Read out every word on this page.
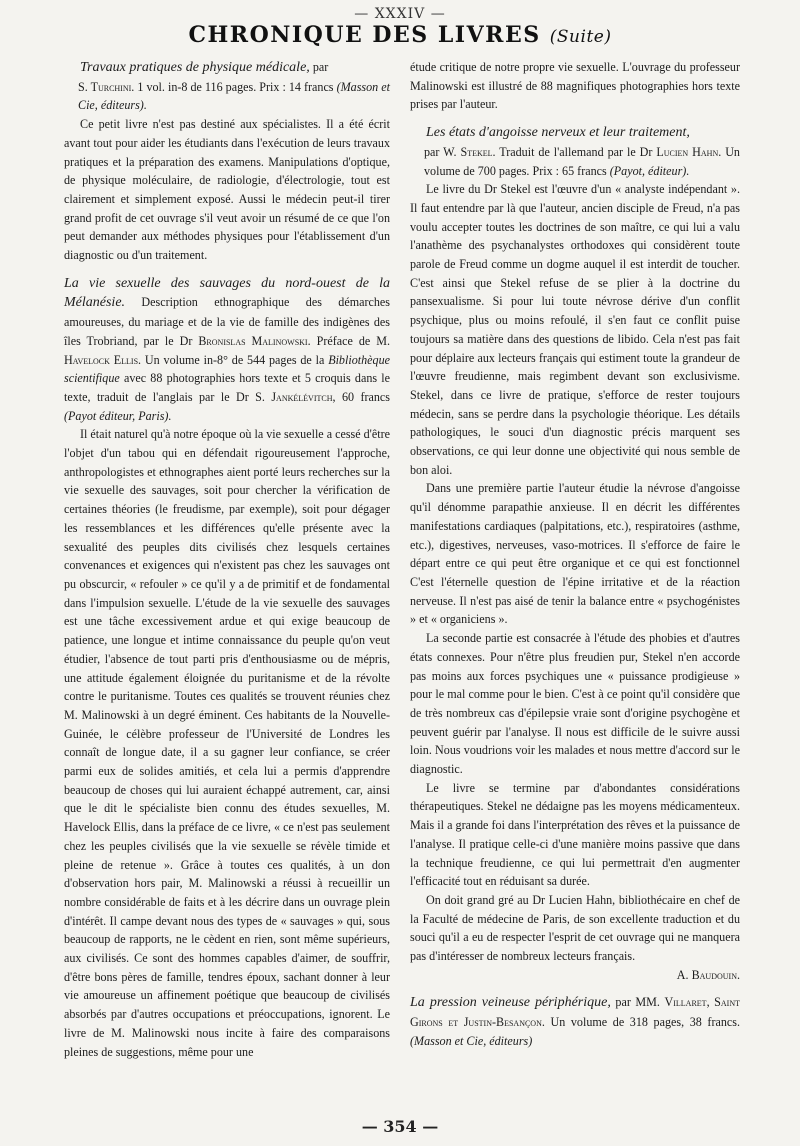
— XXXIV —
CHRONIQUE DES LIVRES (Suite)

Travaux pratiques de physique médicale, par

S. Turchini. 1 vol. in-8 de 116 pages. Prix : 14 francs (Masson et Cie, éditeurs).

Ce petit livre n'est pas destiné aux spécialistes. Il a été écrit avant tout pour aider les étudiants dans l'exécution de leurs travaux pratiques et la préparation des examens. Manipulations d'optique, de physique moléculaire, de radiologie, d'électrologie, tout est clairement et simplement exposé. Aussi le médecin peut-il tirer grand profit de cet ouvrage s'il veut avoir un résumé de ce que l'on peut demander aux méthodes physiques pour l'établissement d'un diagnostic ou d'un traitement.

La vie sexuelle des sauvages du nord-ouest de la Mélanésie. Description ethnographique des démarches amoureuses, du mariage et de la vie de famille des indigènes des îles Trobriand, par le Dr Bronislas Malinowski. Préface de M. Havelock Ellis. Un volume in-8° de 544 pages de la Bibliothèque scientifique avec 88 photographies hors texte et 5 croquis dans le texte, traduit de l'anglais par le Dr S. Jankélévitch, 60 francs (Payot éditeur, Paris).

Il était naturel qu'à notre époque où la vie sexuelle a cessé d'être l'objet d'un tabou qui en défendait rigoureusement l'approche, anthropologistes et ethnographes aient porté leurs recherches sur la vie sexuelle des sauvages, soit pour chercher la vérification de certaines théories (le freudisme, par exemple), soit pour dégager les ressemblances et les différences qu'elle présente avec la sexualité des peuples dits civilisés chez lesquels certaines convenances et exigences qui n'existent pas chez les sauvages ont pu obscurcir, « refouler » ce qu'il y a de primitif et de fondamental dans l'impulsion sexuelle. L'étude de la vie sexuelle des sauvages est une tâche excessivement ardue et qui exige beaucoup de patience, une longue et intime connaissance du peuple qu'on veut étudier, l'absence de tout parti pris d'enthousiasme ou de mépris, une attitude également éloignée du puritanisme et de la révolte contre le puritanisme. Toutes ces qualités se trouvent réunies chez M. Malinowski à un degré éminent. Ces habitants de la Nouvelle-Guinée, le célèbre professeur de l'Université de Londres les connaît de longue date, il a su gagner leur confiance, se créer parmi eux de solides amitiés, et cela lui a permis d'apprendre beaucoup de choses qui lui auraient échappé autrement, car, ainsi que le dit le spécialiste bien connu des études sexuelles, M. Havelock Ellis, dans la préface de ce livre, « ce n'est pas seulement chez les peuples civilisés que la vie sexuelle se révèle timide et pleine de retenue ». Grâce à toutes ces qualités, à un don d'observation hors pair, M. Malinowski a réussi à recueillir un nombre considérable de faits et à les décrire dans un ouvrage plein d'intérêt. Il campe devant nous des types de « sauvages » qui, sous beaucoup de rapports, ne le cèdent en rien, sont même supérieurs, aux civilisés. Ce sont des hommes capables d'aimer, de souffrir, d'être bons pères de famille, tendres époux, sachant donner à leur vie amoureuse un affinement poétique que beaucoup de civilisés absorbés par d'autres occupations et préoccupations, ignorent. Le livre de M. Malinowski nous incite à faire des comparaisons pleines de suggestions, même pour une

étude critique de notre propre vie sexuelle. L'ouvrage du professeur Malinowski est illustré de 88 magnifiques photographies hors texte prises par l'auteur.

Les états d'angoisse nerveux et leur traitement,

par W. Stekel. Traduit de l'allemand par le Dr Lucien Hahn. Un volume de 700 pages. Prix : 65 francs (Payot, éditeur).

Le livre du Dr Stekel est l'œuvre d'un « analyste indépendant ». Il faut entendre par là que l'auteur, ancien disciple de Freud, n'a pas voulu accepter toutes les doctrines de son maître, ce qui lui a valu l'anathème des psychanalystes orthodoxes qui considèrent toute parole de Freud comme un dogme auquel il est interdit de toucher. C'est ainsi que Stekel refuse de se plier à la doctrine du pansexualisme. Si pour lui toute névrose dérive d'un conflit psychique, plus ou moins refoulé, il s'en faut ce conflit puise toujours sa matière dans des questions de libido. Cela n'est pas fait pour déplaire aux lecteurs français qui estiment toute la grandeur de l'œuvre freudienne, mais regimbent devant son exclusivisme. Stekel, dans ce livre de pratique, s'efforce de rester toujours médecin, sans se perdre dans la psychologie théorique. Les détails pathologiques, le souci d'un diagnostic précis marquent ses observations, ce qui leur donne une objectivité qui nous semble de bon aloi.

Dans une première partie l'auteur étudie la névrose d'angoisse qu'il dénomme parapathie anxieuse. Il en décrit les différentes manifestations cardiaques (palpitations, etc.), respiratoires (asthme, etc.), digestives, nerveuses, vaso-motrices. Il s'efforce de faire le départ entre ce qui peut être organique et ce qui est fonctionnel C'est l'éternelle question de l'épine irritative et de la réaction nerveuse. Il n'est pas aisé de tenir la balance entre « psychogénistes » et « organiciens ».

La seconde partie est consacrée à l'étude des phobies et d'autres états connexes. Pour n'être plus freudien pur, Stekel n'en accorde pas moins aux forces psychiques une « puissance prodigieuse » pour le mal comme pour le bien. C'est à ce point qu'il considère que de très nombreux cas d'épilepsie vraie sont d'origine psychogène et peuvent guérir par l'analyse. Il nous est difficile de le suivre aussi loin. Nous voudrions voir les malades et nous mettre d'accord sur le diagnostic.

Le livre se termine par d'abondantes considérations thérapeutiques. Stekel ne dédaigne pas les moyens médicamenteux. Mais il a grande foi dans l'interprétation des rêves et la puissance de l'analyse. Il pratique celle-ci d'une manière moins passive que dans la technique freudienne, ce qui lui permettrait d'en augmenter l'efficacité tout en réduisant sa durée.

On doit grand gré au Dr Lucien Hahn, bibliothécaire en chef de la Faculté de médecine de Paris, de son excellente traduction et du souci qu'il a eu de respecter l'esprit de cet ouvrage qui ne manquera pas d'intéresser de nombreux lecteurs français.

A. Baudouin.

La pression veineuse périphérique, par MM. Villaret, Saint Girons et Justin-Besançon. Un volume de 318 pages, 38 francs. (Masson et Cie, éditeurs)

— 354 —
